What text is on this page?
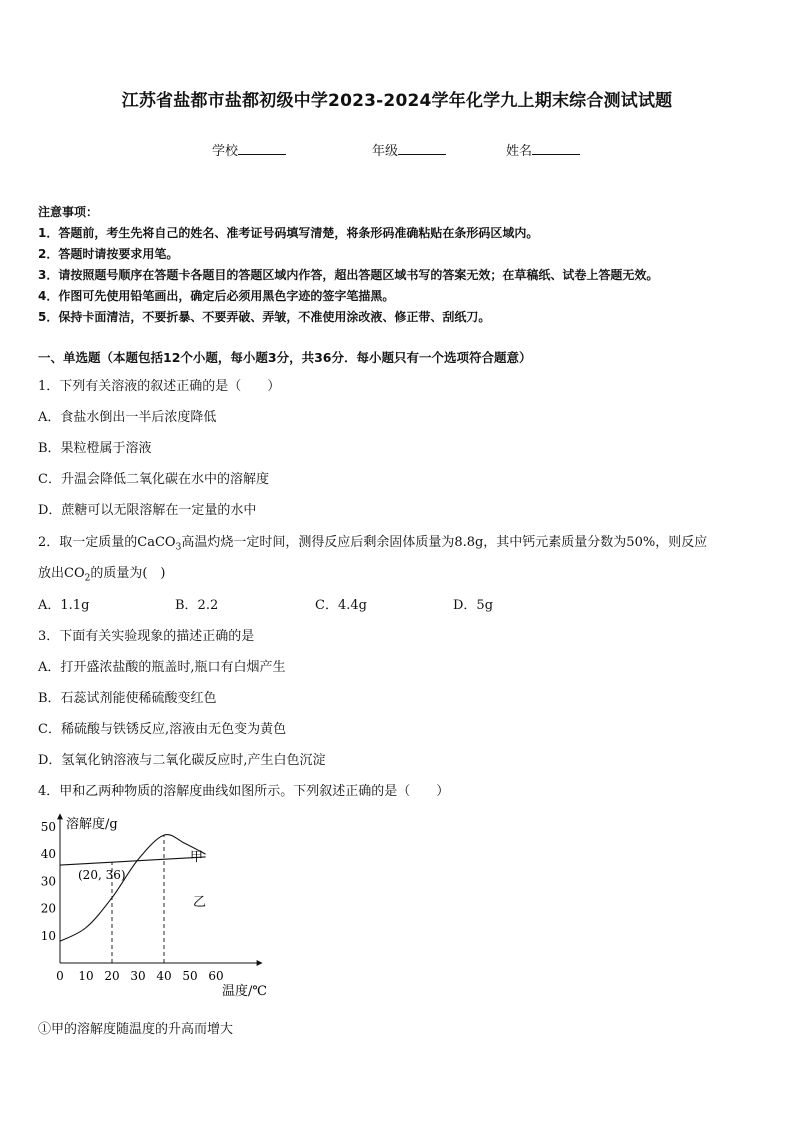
江苏省盐都市盐都初级中学2023-2024学年化学九上期末综合测试试题
学校	年级	姓名
注意事项：
1．答题前，考生先将自己的姓名、准考证号码填写清楚，将条形码准确粘贴在条形码区域内。
2．答题时请按要求用笔。
3．请按照题号顺序在答题卡各题目的答题区域内作答，超出答题区域书写的答案无效；在草稿纸、试卷上答题无效。
4．作图可先使用铅笔画出，确定后必须用黑色字迹的签字笔描黑。
5．保持卡面清洁，不要折暴、不要弄破、弄皱，不准使用涂改液、修正带、刮纸刀。
一、单选题（本题包括12个小题，每小题3分，共36分．每小题只有一个选项符合题意）
1．下列有关溶液的叙述正确的是（　　）
A．食盐水倒出一半后浓度降低
B．果粒橙属于溶液
C．升温会降低二氧化碳在水中的溶解度
D．蔗糖可以无限溶解在一定量的水中
2．取一定质量的CaCO$_3$高温灼烧一定时间，测得反应后剩余固体质量为8.8g，其中钙元素质量分数为50%，则反应
放出$CO_2$的质量为(　)
A．1.1g	B．2.2	C．4.4g	D．5g
3．下面有关实验现象的描述正确的是
A．打开盛浓盐酸的瓶盖时,瓶口有白烟产生
B．石蕊试剂能使稀硫酸变红色
C．稀硫酸与铁锈反应,溶液由无色变为黄色
D．氢氧化钠溶液与二氧化碳反应时,产生白色沉淀
4．甲和乙两种物质的溶解度曲线如图所示。下列叙述正确的是（　　）
溶解度/g
温度/℃
0 10 20 30 40 50 60
10
20
30
40
50
(20, 36)
甲
乙
①甲的溶解度随温度的升高而增大
